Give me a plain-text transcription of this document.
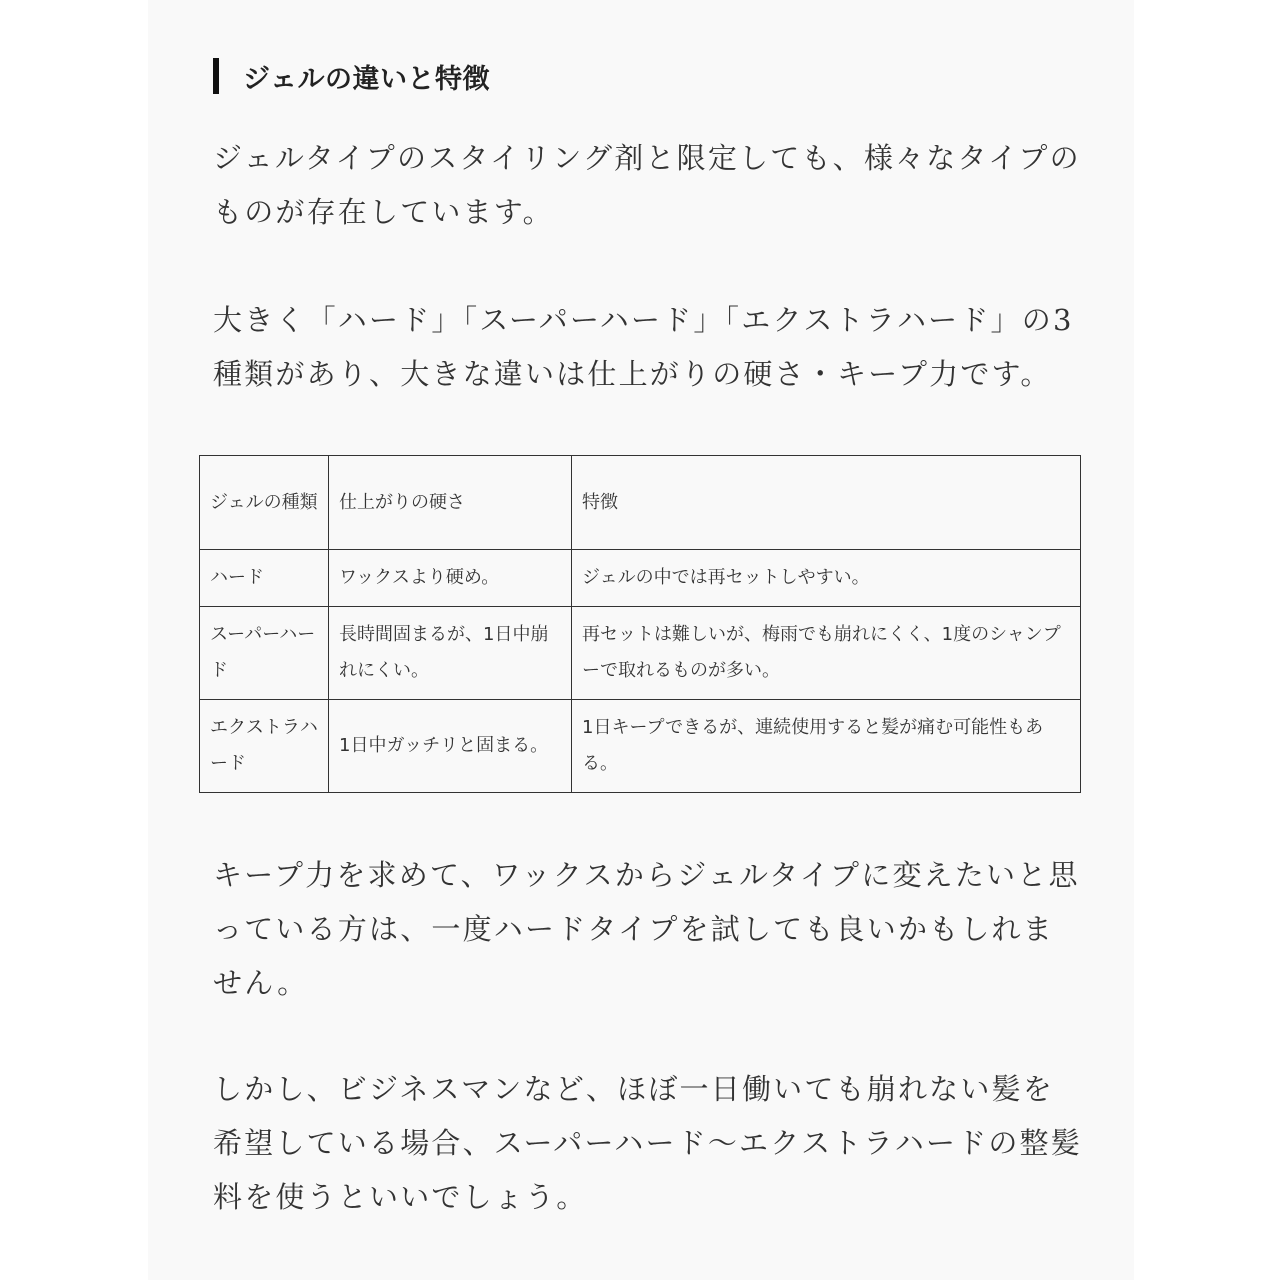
ジェルの違いと特徴

ジェルタイプのスタイリング剤と限定しても、様々なタイプのものが存在しています。

大きく「ハード」「スーパーハード」「エクストラハード」の3種類があり、大きな違いは仕上がりの硬さ・キープ力です。

ジェルの種類	仕上がりの硬さ	特徴
ハード	ワックスより硬め。	ジェルの中では再セットしやすい。
スーパーハード	長時間固まるが、1日中崩れにくい。	再セットは難しいが、梅雨でも崩れにくく、1度のシャンプーで取れるものが多い。
エクストラハード	1日中ガッチリと固まる。	1日キープできるが、連続使用すると髪が痛む可能性もある。

キープ力を求めて、ワックスからジェルタイプに変えたいと思っている方は、一度ハードタイプを試しても良いかもしれません。

しかし、ビジネスマンなど、ほぼ一日働いても崩れない髪を希望している場合、スーパーハード～エクストラハードの整髪料を使うといいでしょう。
